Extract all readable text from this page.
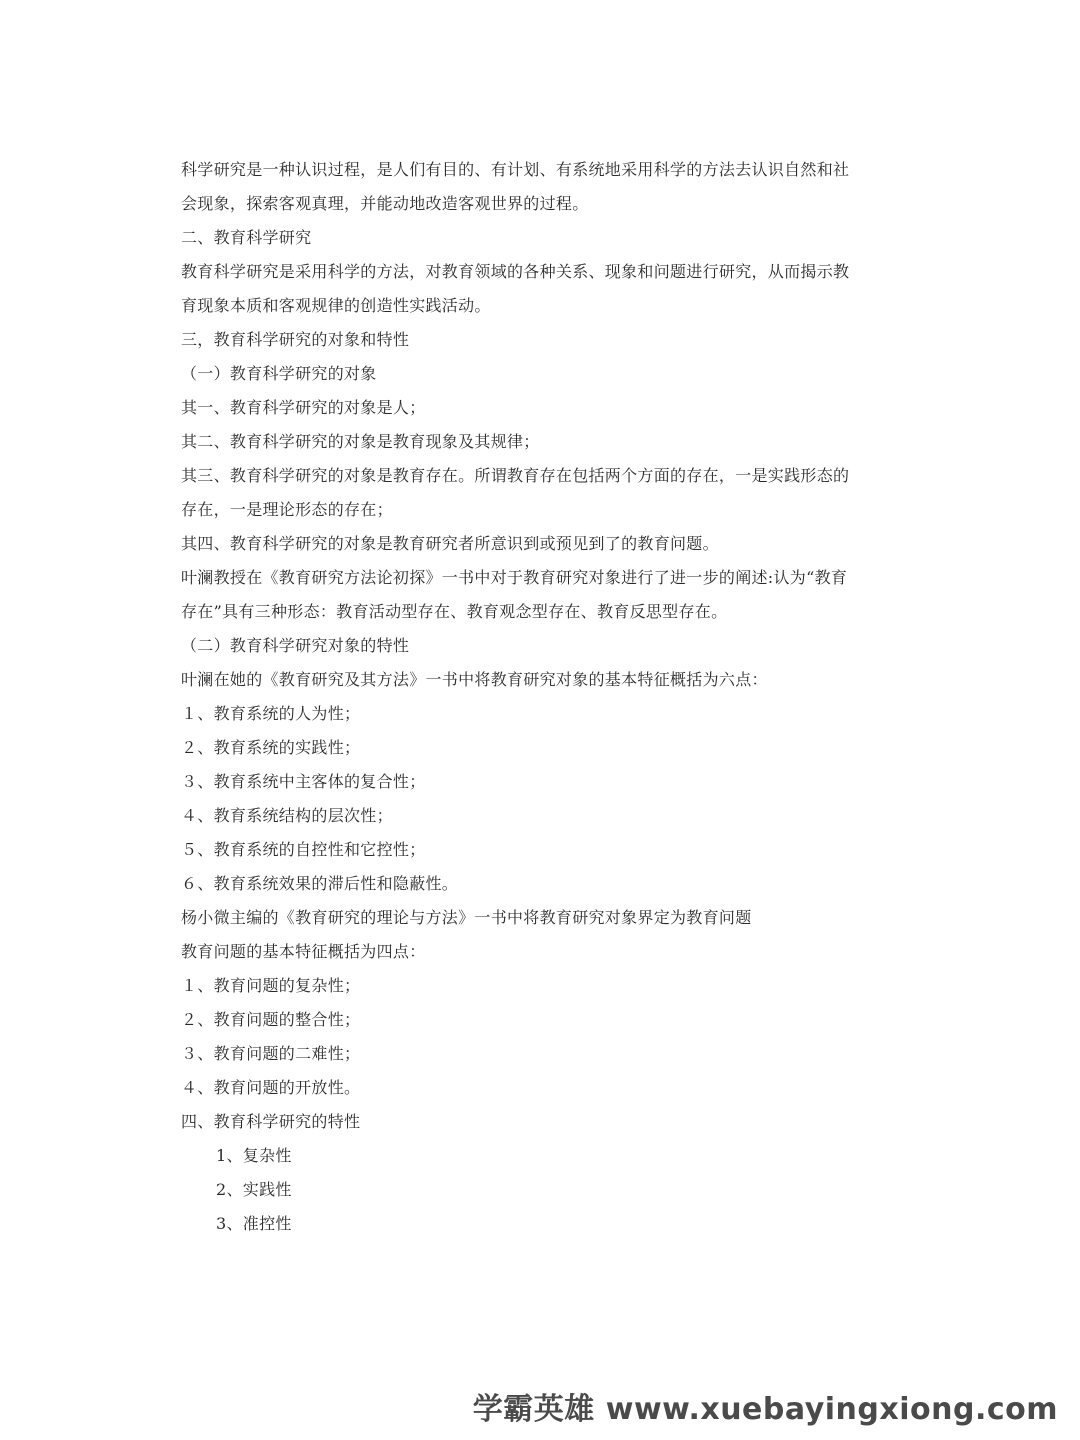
科学研究是一种认识过程，是人们有目的、有计划、有系统地采用科学的方法去认识自然和社
会现象，探索客观真理，并能动地改造客观世界的过程。
二、教育科学研究
教育科学研究是采用科学的方法，对教育领域的各种关系、现象和问题进行研究，从而揭示教
育现象本质和客观规律的创造性实践活动。
三，教育科学研究的对象和特性
（一）教育科学研究的对象
其一、教育科学研究的对象是人；
其二、教育科学研究的对象是教育现象及其规律；
其三、教育科学研究的对象是教育存在。所谓教育存在包括两个方面的存在，一是实践形态的
存在，一是理论形态的存在；
其四、教育科学研究的对象是教育研究者所意识到或预见到了的教育问题。
叶澜教授在《教育研究方法论初探》一书中对于教育研究对象进行了进一步的阐述:认为“教育
存在”具有三种形态：教育活动型存在、教育观念型存在、教育反思型存在。
（二）教育科学研究对象的特性
叶澜在她的《教育研究及其方法》一书中将教育研究对象的基本特征概括为六点：
１、教育系统的人为性；
２、教育系统的实践性；
３、教育系统中主客体的复合性；
４、教育系统结构的层次性；
５、教育系统的自控性和它控性；
６、教育系统效果的滞后性和隐蔽性。
杨小微主编的《教育研究的理论与方法》一书中将教育研究对象界定为教育问题
教育问题的基本特征概括为四点：
１、教育问题的复杂性；
２、教育问题的整合性；
３、教育问题的二难性；
４、教育问题的开放性。
四、教育科学研究的特性
1、复杂性
2、实践性
3、准控性
学霸英雄 www.xuebayingxiong.com
